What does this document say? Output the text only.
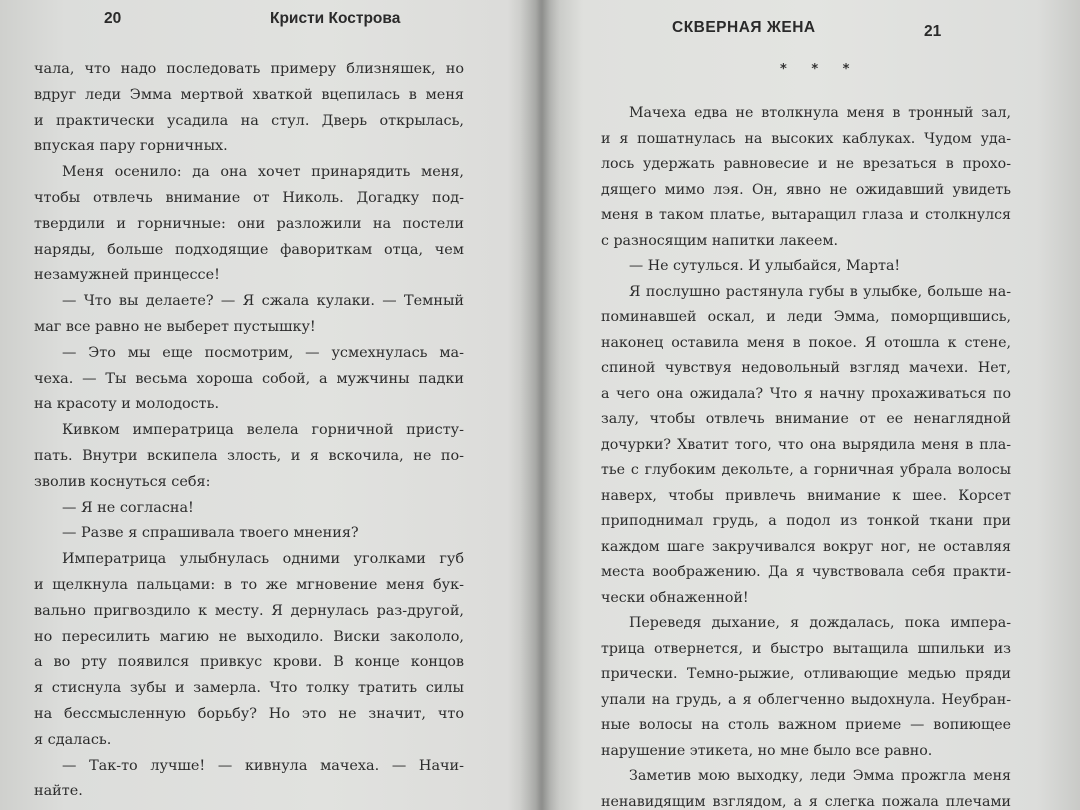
20	Кристи Кострова
чала, что надо последовать примеру близняшек, но
вдруг леди Эмма мертвой хваткой вцепилась в меня
и практически усадила на стул. Дверь открылась,
впуская пару горничных.
Меня осенило: да она хочет принарядить меня,
чтобы отвлечь внимание от Николь. Догадку под-
твердили и горничные: они разложили на постели
наряды, больше подходящие фавориткам отца, чем
незамужней принцессе!
— Что вы делаете? — Я сжала кулаки. — Темный
маг все равно не выберет пустышку!
— Это мы еще посмотрим, — усмехнулась ма-
чеха. — Ты весьма хороша собой, а мужчины падки
на красоту и молодость.
Кивком императрица велела горничной присту-
пать. Внутри вскипела злость, и я вскочила, не по-
зволив коснуться себя:
— Я не согласна!
— Разве я спрашивала твоего мнения?
Императрица улыбнулась одними уголками губ
и щелкнула пальцами: в то же мгновение меня бук-
вально пригвоздило к месту. Я дернулась раз-другой,
но пересилить магию не выходило. Виски закололо,
а во рту появился привкус крови. В конце концов
я стиснула зубы и замерла. Что толку тратить силы
на бессмысленную борьбу? Но это не значит, что
я сдалась.
— Так-то лучше! — кивнула мачеха. — Начи-
найте.
СКВЕРНАЯ ЖЕНА	21
* * *
Мачеха едва не втолкнула меня в тронный зал,
и я пошатнулась на высоких каблуках. Чудом уда-
лось удержать равновесие и не врезаться в прохо-
дящего мимо лэя. Он, явно не ожидавший увидеть
меня в таком платье, вытаращил глаза и столкнулся
с разносящим напитки лакеем.
— Не сутулься. И улыбайся, Марта!
Я послушно растянула губы в улыбке, больше на-
поминавшей оскал, и леди Эмма, поморщившись,
наконец оставила меня в покое. Я отошла к стене,
спиной чувствуя недовольный взгляд мачехи. Нет,
а чего она ожидала? Что я начну прохаживаться по
залу, чтобы отвлечь внимание от ее ненаглядной
дочурки? Хватит того, что она вырядила меня в пла-
тье с глубоким декольте, а горничная убрала волосы
наверх, чтобы привлечь внимание к шее. Корсет
приподнимал грудь, а подол из тонкой ткани при
каждом шаге закручивался вокруг ног, не оставляя
места воображению. Да я чувствовала себя практи-
чески обнаженной!
Переведя дыхание, я дождалась, пока импера-
трица отвернется, и быстро вытащила шпильки из
прически. Темно-рыжие, отливающие медью пряди
упали на грудь, а я облегченно выдохнула. Неубран-
ные волосы на столь важном приеме — вопиющее
нарушение этикета, но мне было все равно.
Заметив мою выходку, леди Эмма прожгла меня
ненавидящим взглядом, а я слегка пожала плечами
